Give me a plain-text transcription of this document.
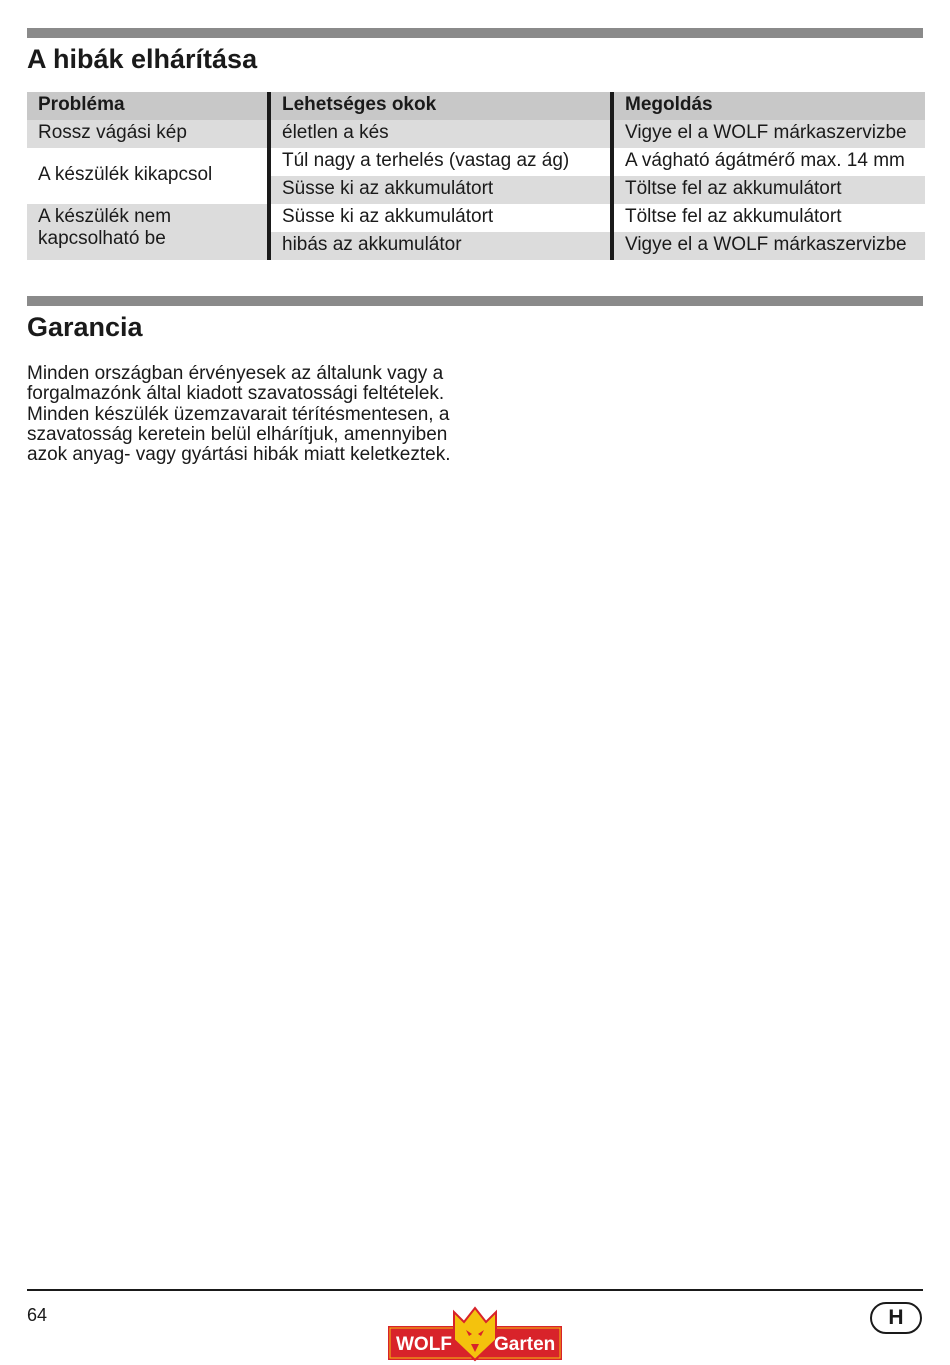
A hibák elhárítása
Probléma	Lehetséges okok	Megoldás
Rossz vágási kép	életlen a kés	Vigye el a WOLF márkaszervizbe
A készülék kikapcsol	Túl nagy a terhelés (vastag az ág)	A vágható ágátmérő max. 14 mm
	Süsse ki az akkumulátort	Töltse fel az akkumulátort
A készülék nem kapcsolható be	Süsse ki az akkumulátort	Töltse fel az akkumulátort
	hibás az akkumulátor	Vigye el a WOLF márkaszervizbe
Garancia

Minden országban érvényesek az általunk vagy a forgalmazónk által kiadott szavatossági feltételek. Minden készülék üzemzavarait térítésmentesen, a szavatosság keretein belül elhárítjuk, amennyiben azok anyag- vagy gyártási hibák miatt keletkeztek.

64
WOLF Garten
H
